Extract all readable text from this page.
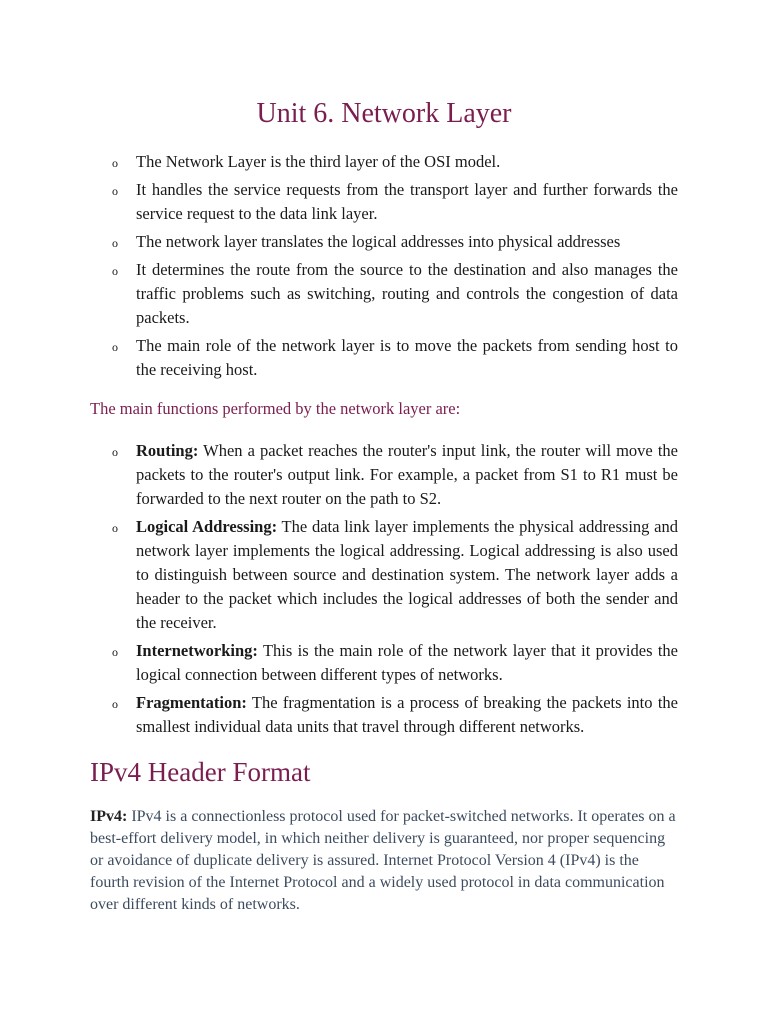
Unit 6. Network Layer
o The Network Layer is the third layer of the OSI model.
o It handles the service requests from the transport layer and further forwards the service request to the data link layer.
o The network layer translates the logical addresses into physical addresses
o It determines the route from the source to the destination and also manages the traffic problems such as switching, routing and controls the congestion of data packets.
o The main role of the network layer is to move the packets from sending host to the receiving host.

The main functions performed by the network layer are:

o Routing: When a packet reaches the router's input link, the router will move the packets to the router's output link. For example, a packet from S1 to R1 must be forwarded to the next router on the path to S2.
o Logical Addressing: The data link layer implements the physical addressing and network layer implements the logical addressing. Logical addressing is also used to distinguish between source and destination system. The network layer adds a header to the packet which includes the logical addresses of both the sender and the receiver.
o Internetworking: This is the main role of the network layer that it provides the logical connection between different types of networks.
o Fragmentation: The fragmentation is a process of breaking the packets into the smallest individual data units that travel through different networks.
IPv4 Header Format

IPv4: IPv4 is a connectionless protocol used for packet-switched networks. It operates on a best-effort delivery model, in which neither delivery is guaranteed, nor proper sequencing or avoidance of duplicate delivery is assured. Internet Protocol Version 4 (IPv4) is the fourth revision of the Internet Protocol and a widely used protocol in data communication over different kinds of networks.
